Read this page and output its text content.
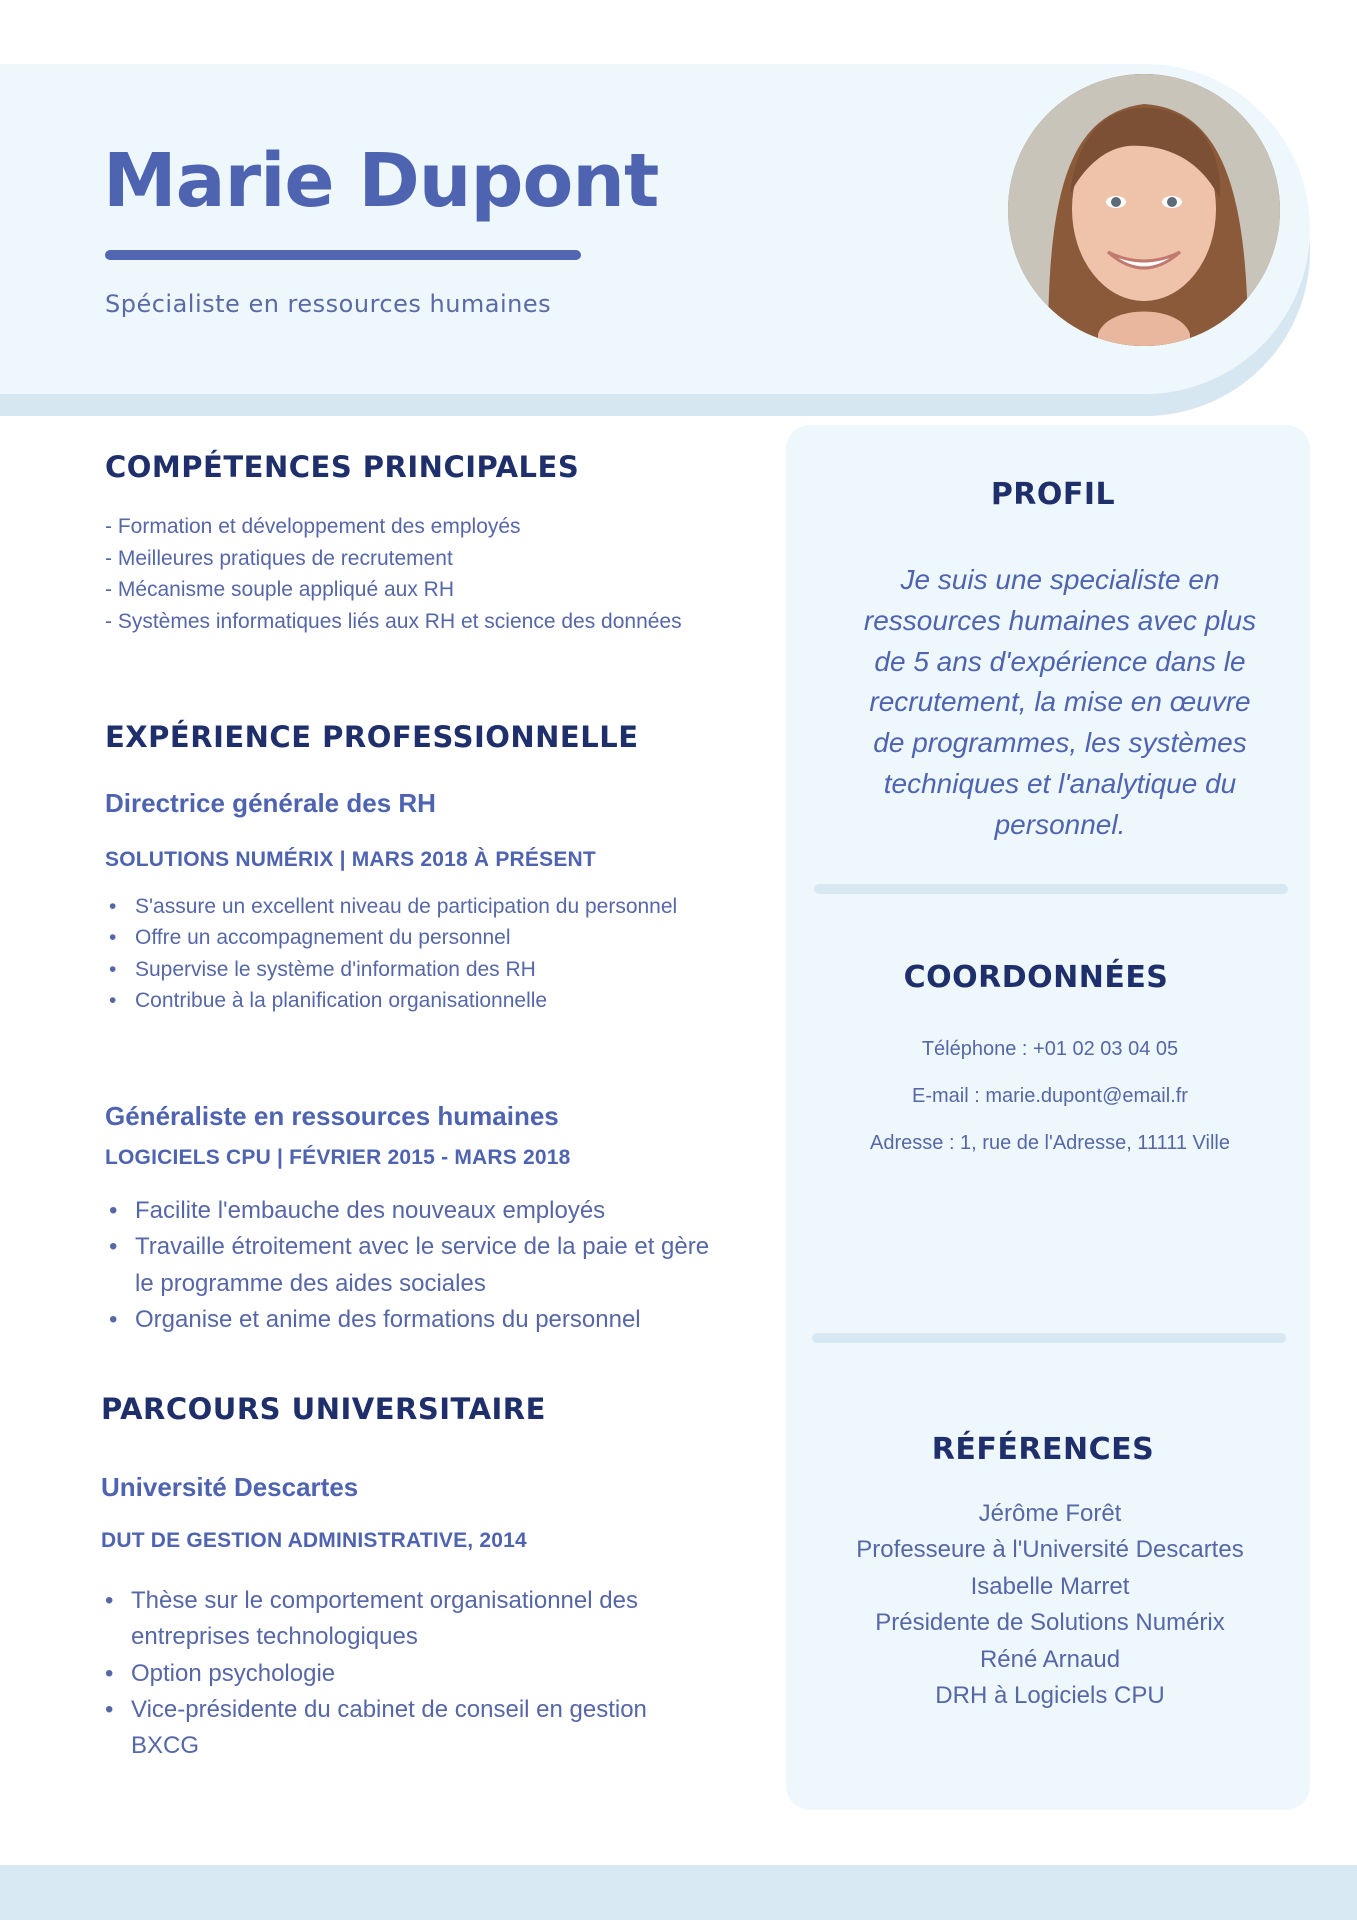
Marie Dupont
Spécialiste en ressources humaines
COMPÉTENCES PRINCIPALES
- Formation et développement des employés
- Meilleures pratiques de recrutement
- Mécanisme souple appliqué aux RH
- Systèmes informatiques liés aux RH et science des données
EXPÉRIENCE PROFESSIONNELLE
Directrice générale des RH
SOLUTIONS NUMÉRIX | MARS 2018 À PRÉSENT
• S'assure un excellent niveau de participation du personnel
• Offre un accompagnement du personnel
• Supervise le système d'information des RH
• Contribue à la planification organisationnelle
Généraliste en ressources humaines
LOGICIELS CPU | FÉVRIER 2015 - MARS 2018
• Facilite l'embauche des nouveaux employés
• Travaille étroitement avec le service de la paie et gère le programme des aides sociales
• Organise et anime des formations du personnel
PARCOURS UNIVERSITAIRE
Université Descartes
DUT DE GESTION ADMINISTRATIVE, 2014
• Thèse sur le comportement organisationnel des entreprises technologiques
• Option psychologie
• Vice-présidente du cabinet de conseil en gestion BXCG
PROFIL
Je suis une specialiste en ressources humaines avec plus de 5 ans d'expérience dans le recrutement, la mise en œuvre de programmes, les systèmes techniques et l'analytique du personnel.
COORDONNÉES
Téléphone : +01 02 03 04 05
E-mail : marie.dupont@email.fr
Adresse : 1, rue de l'Adresse, 11111 Ville
RÉFÉRENCES
Jérôme Forêt
Professeure à l'Université Descartes
Isabelle Marret
Présidente de Solutions Numérix
Réné Arnaud
DRH à Logiciels CPU
